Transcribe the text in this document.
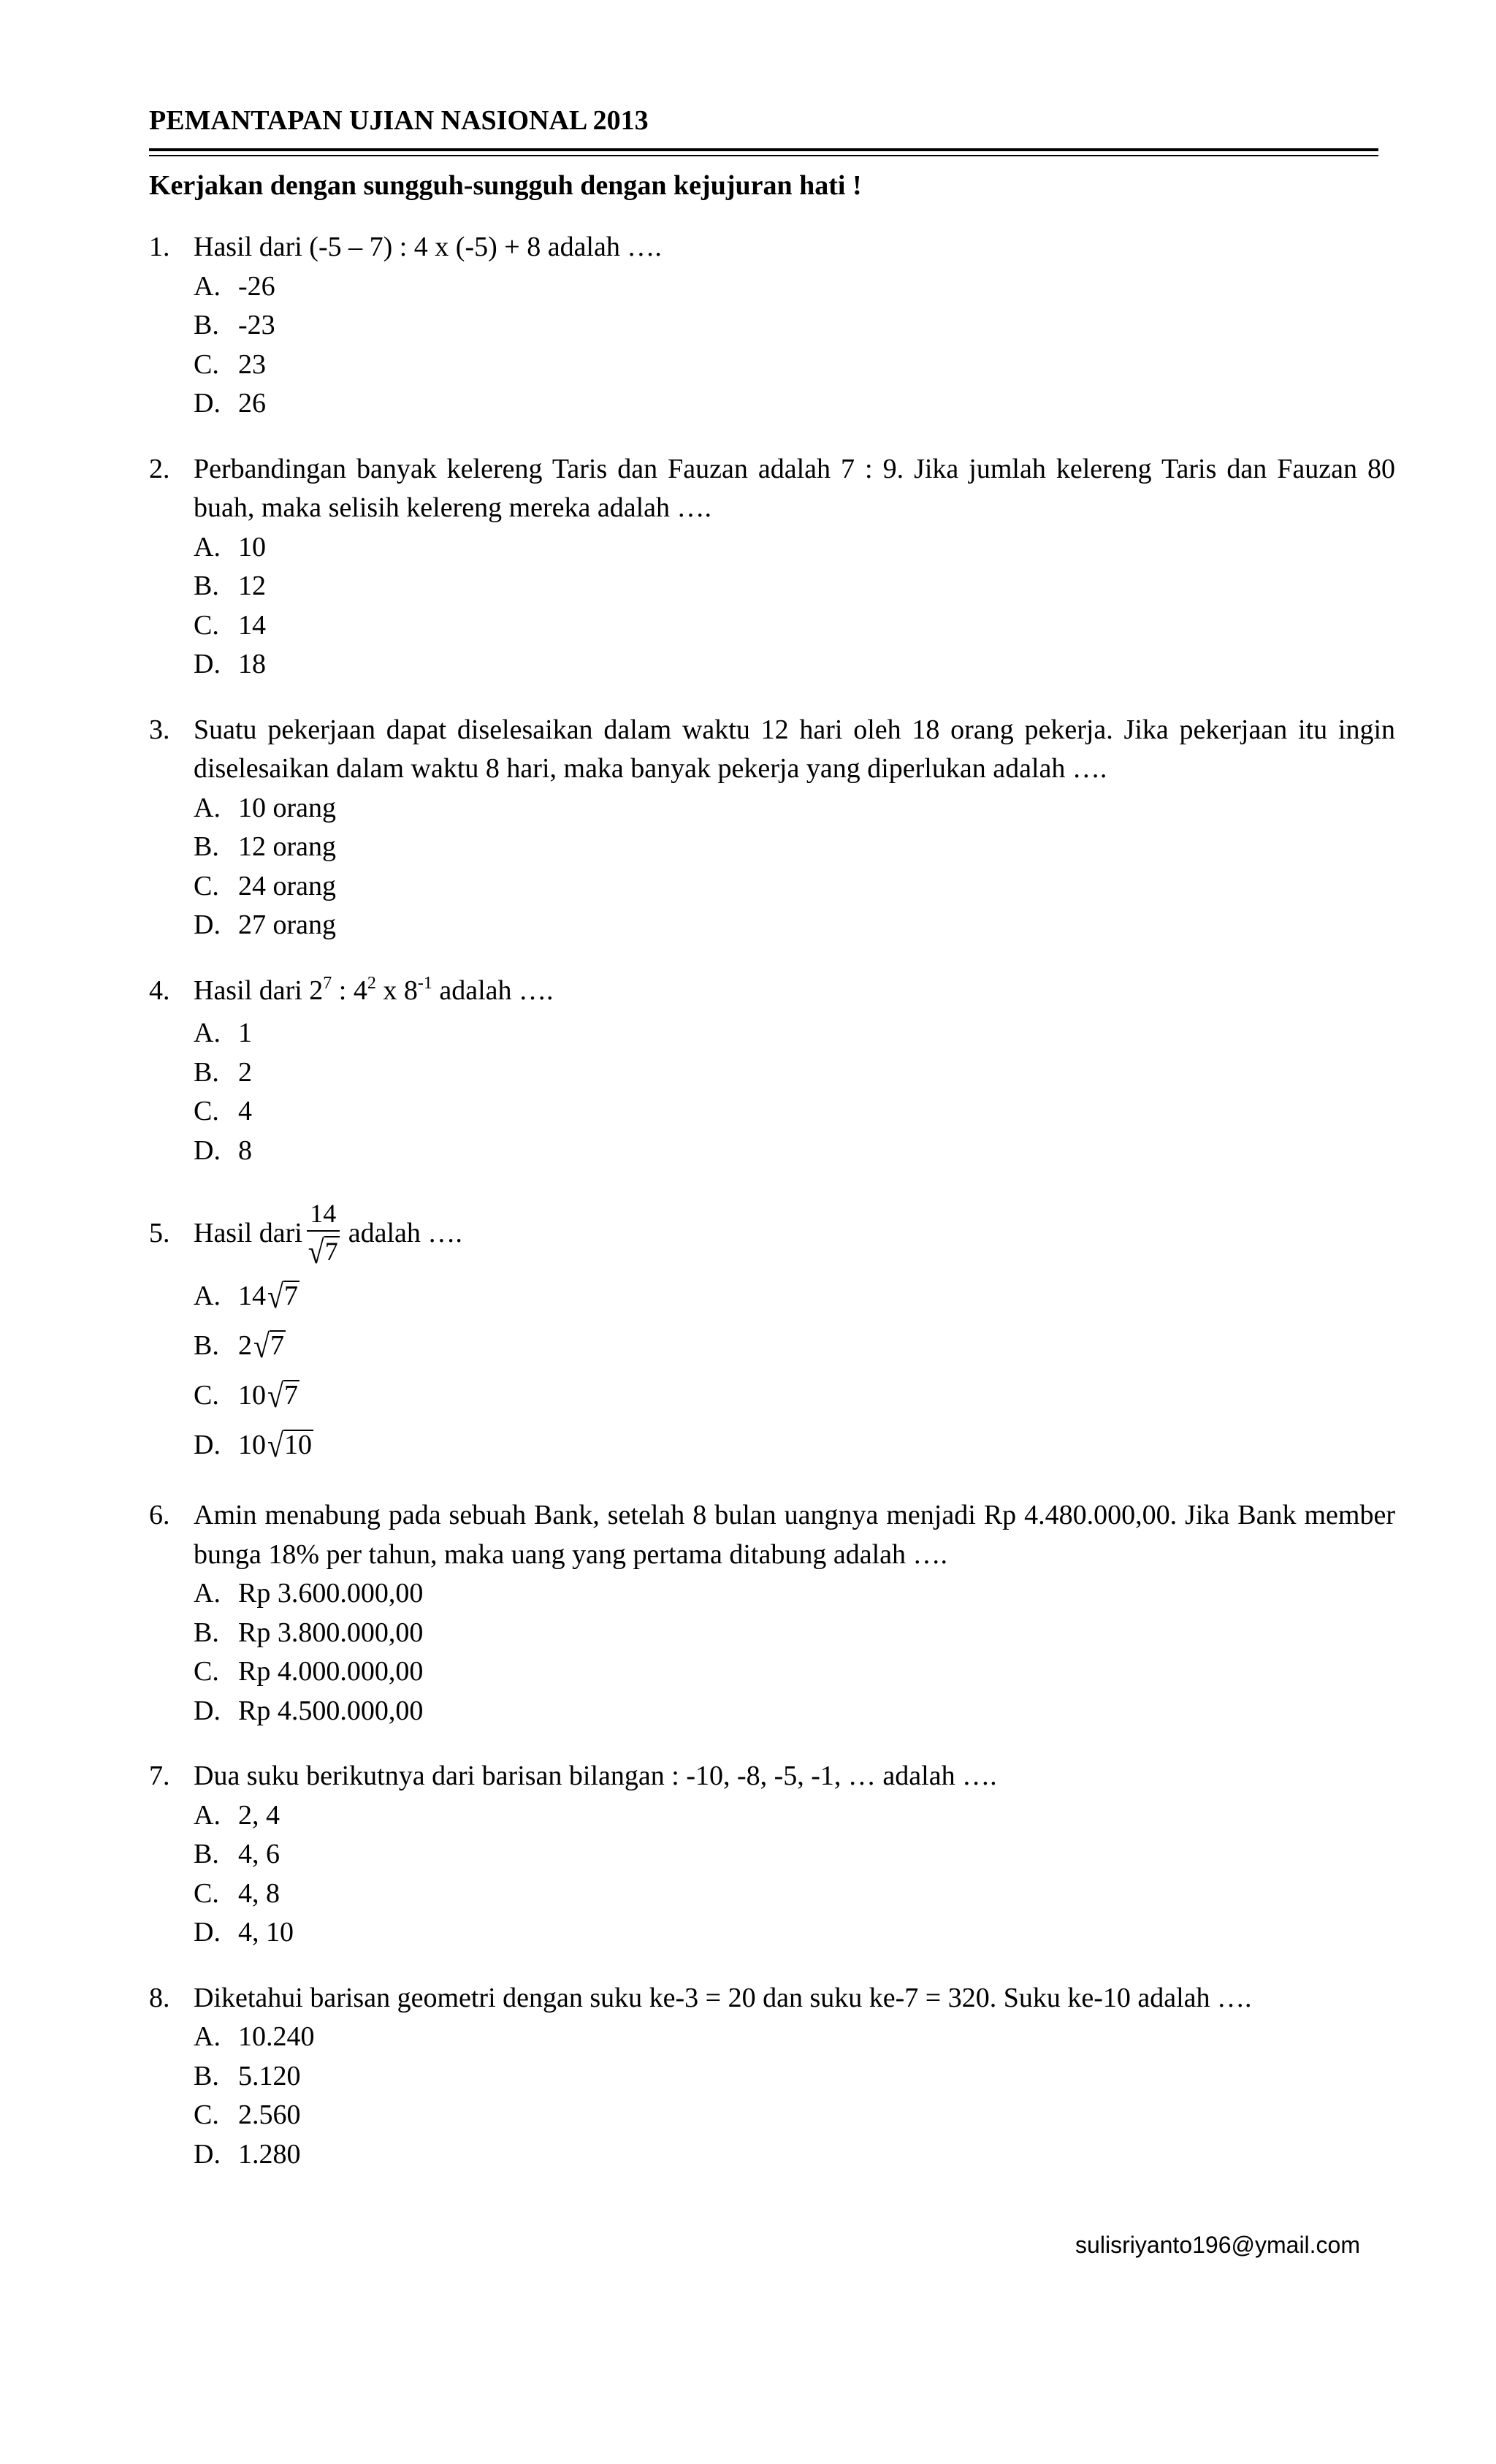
PEMANTAPAN UJIAN NASIONAL 2013

Kerjakan dengan sungguh-sungguh dengan kejujuran hati !

1. Hasil dari (-5 – 7) : 4 x (-5) + 8 adalah ….
A. -26
B. -23
C. 23
D. 26
2. Perbandingan banyak kelereng Taris dan Fauzan adalah 7 : 9. Jika jumlah kelereng Taris dan Fauzan 80 buah, maka selisih kelereng mereka adalah ….
A. 10
B. 12
C. 14
D. 18
3. Suatu pekerjaan dapat diselesaikan dalam waktu 12 hari oleh 18 orang pekerja. Jika pekerjaan itu ingin diselesaikan dalam waktu 8 hari, maka banyak pekerja yang diperlukan adalah ….
A. 10 orang
B. 12 orang
C. 24 orang
D. 27 orang
4. Hasil dari $2^7$ : $4^2$ x $8^{-1}$ adalah ….
A. 1
B. 2
C. 4
D. 8
5. Hasil dari $\frac{14}{√ 7}$ adalah ….
A. 14 √ 7
B. 2 √ 7
C. 10 √ 7
D. 10 √ 10
6. Amin menabung pada sebuah Bank, setelah 8 bulan uangnya menjadi Rp 4.480.000,00. Jika Bank member bunga 18% per tahun, maka uang yang pertama ditabung adalah ….
A. Rp 3.600.000,00
B. Rp 3.800.000,00
C. Rp 4.000.000,00
D. Rp 4.500.000,00
7. Dua suku berikutnya dari barisan bilangan : -10, -8, -5, -1, … adalah ….
A. 2, 4
B. 4, 6
C. 4, 8
D. 4, 10
8. Diketahui barisan geometri dengan suku ke-3 = 20 dan suku ke-7 = 320. Suku ke-10 adalah ….
A. 10.240
B. 5.120
C. 2.560
D. 1.280
sulisriyanto196@ymail.com
